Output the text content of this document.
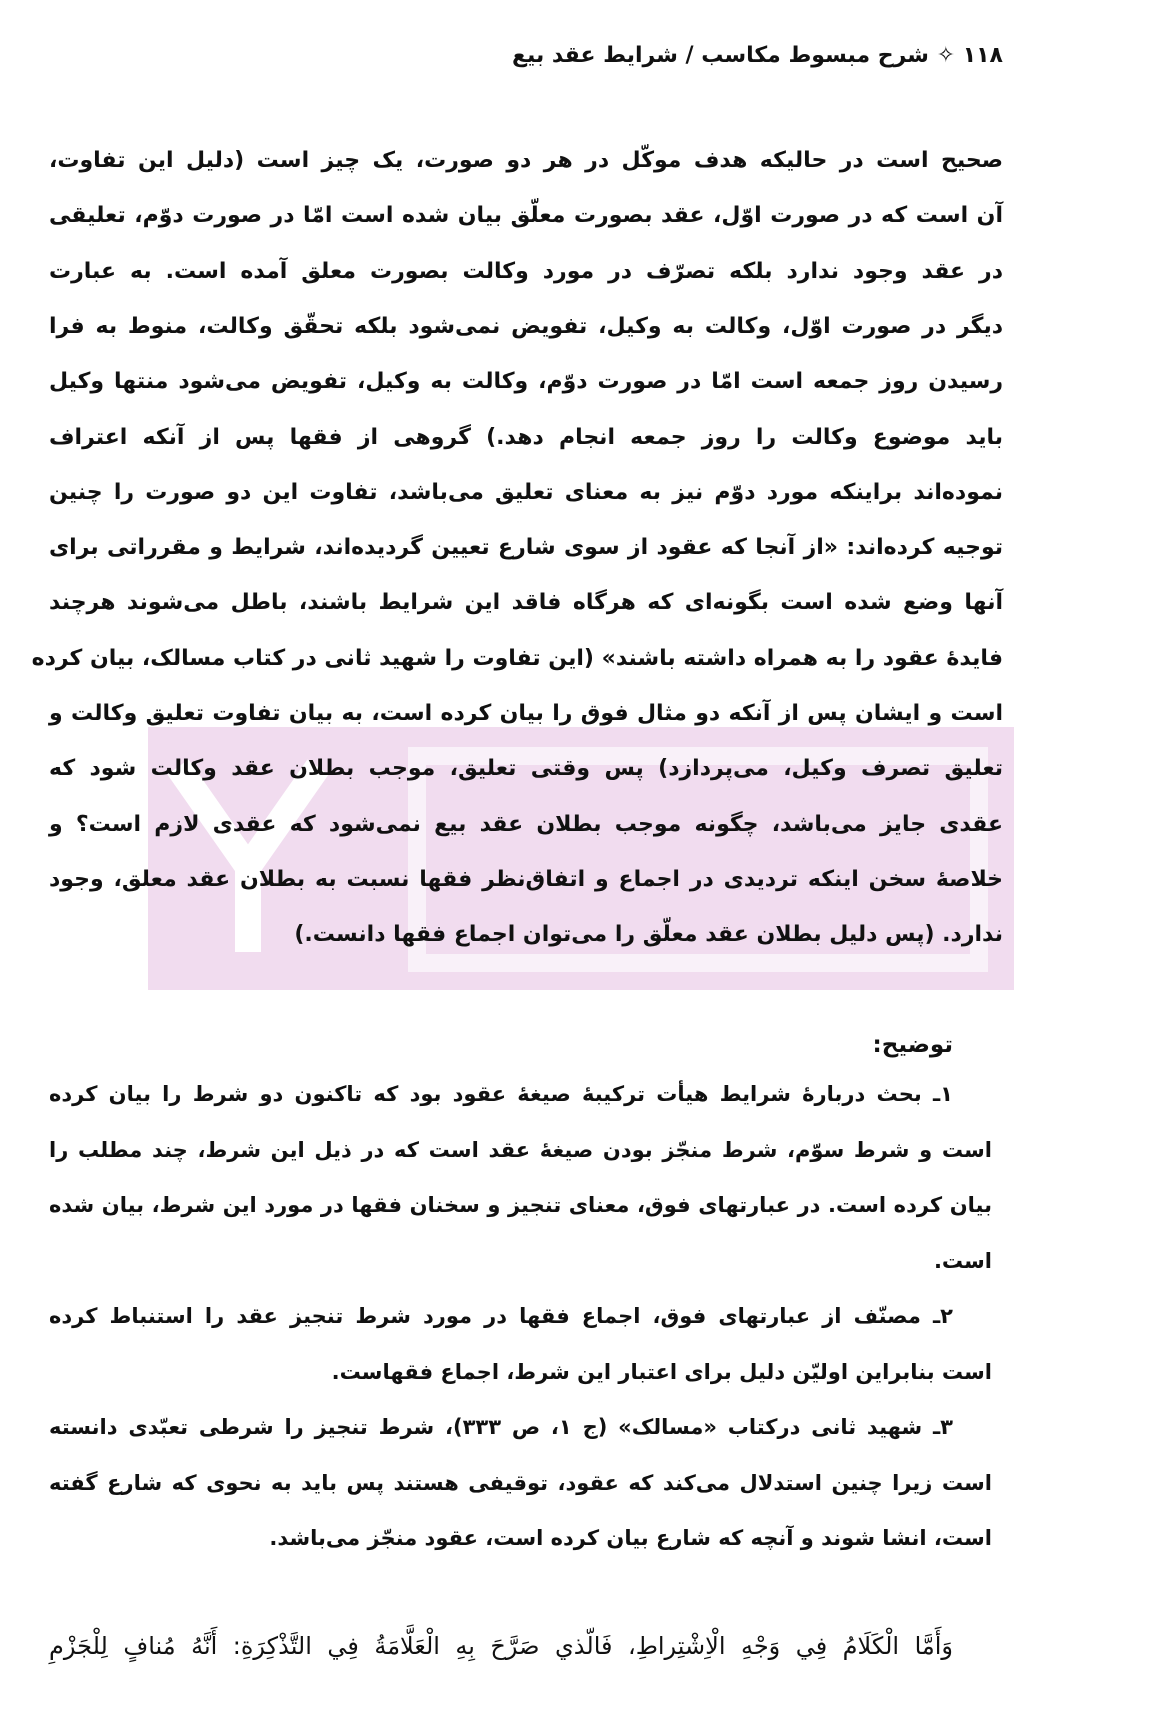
۱۱۸ ✧ شرح مبسوط مکاسب / شرایط عقد بیع
صحیح است در حالیکه هدف موکّل در هر دو صورت، یک چیز است (دلیل این تفاوت،
آن است که در صورت اوّل، عقد بصورت معلّق بیان شده است امّا در صورت دوّم، تعلیقی
در عقد وجود ندارد بلکه تصرّف در مورد وکالت بصورت معلق آمده است. به عبارت
دیگر در صورت اوّل، وکالت به وکیل، تفویض نمی‌شود بلکه تحقّق وکالت، منوط به فرا
رسیدن روز جمعه است امّا در صورت دوّم، وکالت به وکیل، تفویض می‌شود منتها وکیل
باید موضوع وکالت را روز جمعه انجام دهد.) گروهی از فقها پس از آنکه اعتراف
نموده‌اند براینکه مورد دوّم نیز به معنای تعلیق می‌باشد، تفاوت این دو صورت را چنین
توجیه کرده‌اند: «از آنجا که عقود از سوی شارع تعیین گردیده‌اند، شرایط و مقرراتی برای
آنها وضع شده است بگونه‌ای که هرگاه فاقد این شرایط باشند، باطل می‌شوند هرچند
فایدهٔ عقود را به همراه داشته باشند» (این تفاوت را شهید ثانی در کتاب مسالک، بیان کرده
است و ایشان پس از آنکه دو مثال فوق را بیان کرده است، به بیان تفاوت تعلیق وکالت و
تعلیق تصرف وکیل، می‌پردازد) پس وقتی تعلیق، موجب بطلان عقد وکالت شود که
عقدی جایز می‌باشد، چگونه موجب بطلان عقد بیع نمی‌شود که عقدی لازم است؟ و
خلاصهٔ سخن اینکه تردیدی در اجماع و اتفاق‌نظر فقها نسبت به بطلان عقد معلق، وجود
ندارد. (پس دلیل بطلان عقد معلّق را می‌توان اجماع فقها دانست.)
توضیح:
۱ـ بحث دربارهٔ شرایط هیأت ترکیبهٔ صیغهٔ عقود بود که تاکنون دو شرط را بیان کرده
است و شرط سوّم، شرط منجّز بودن صیغهٔ عقد است که در ذیل این شرط، چند مطلب را
بیان کرده است. در عبارتهای فوق، معنای تنجیز و سخنان فقها در مورد این شرط، بیان شده
است.
۲ـ مصنّف از عبارتهای فوق، اجماع فقها در مورد شرط تنجیز عقد را استنباط کرده
است بنابراین اولیّن دلیل برای اعتبار این شرط، اجماع فقهاست.
۳ـ شهید ثانی درکتاب «مسالک» (ج ۱، ص ۳۳۳)، شرط تنجیز را شرطی تعبّدی دانسته
است زیرا چنین استدلال می‌کند که عقود، توقیفی هستند پس باید به نحوی که شارع گفته
است، انشا شوند و آنچه که شارع بیان کرده است، عقود منجّز می‌باشد.
وَأَمَّا الْكَلَامُ فِي وَجْهِ الْاِشْتِراطِ، فَالّذي صَرَّحَ بِهِ الْعَلَّامَةُ فِي التَّذْكِرَةِ: أَنَّهُ مُنافٍ لِلْجَزْمِ
